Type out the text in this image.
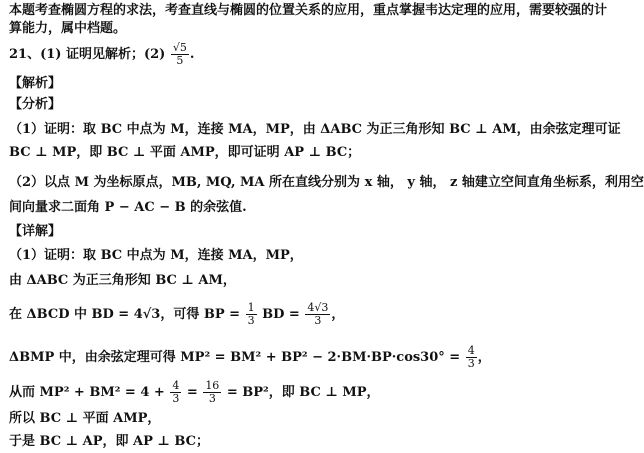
本题考查椭圆方程的求法，考查直线与椭圆的位置关系的应用，重点掌握韦达定理的应用，需要较强的计
算能力，属中档题。
21、(1) 证明见解析；$(2) \frac{√5}{5}$ .
【解析】
【分析】
（1）证明：取 BC 中点为 M，连接 MA，MP，由 ΔABC 为正三角形知 BC ⊥ AM，由余弦定理可证
BC ⊥ MP，即 BC ⊥ 平面 AMP，即可证明 AP ⊥ BC；
（2）以点 M 为坐标原点，MB, MQ, MA 所在直线分别为 x 轴， y 轴， z 轴建立空间直角坐标系，利用空
间向量求二面角 P − AC − B 的余弦值.
【详解】
（1）证明：取 BC 中点为 M，连接 MA，MP，
由 ΔABC 为正三角形知 BC ⊥ AM，
在 ΔBCD 中 BD = 4√3，可得 BP = $\frac{1}{3}$ BD = $\frac{4√3}{3}$ ，
ΔBMP 中，由余弦定理可得 $MP^2 = BM^2 + BP^2 - 2\cdot BM\cdot BP\cdot\cos 30^\circ = \frac{4}{3}$ ，
从而 $MP^2 + BM^2 = 4 + \frac{4}{3} = \frac{16}{3} = BP^2$，即 BC ⊥ MP，
所以 BC ⊥ 平面 AMP，
于是 BC ⊥ AP，即 AP ⊥ BC；
